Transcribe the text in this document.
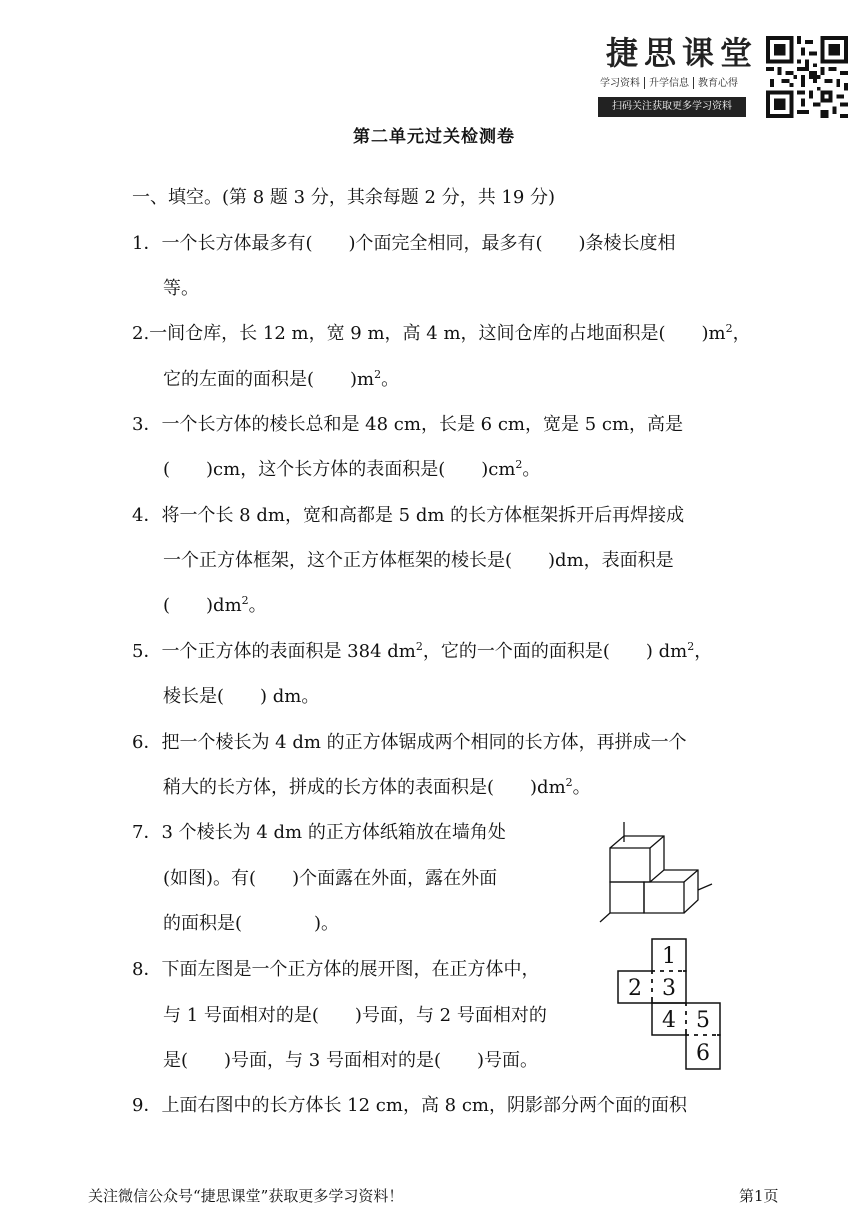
捷思课堂
学习资料 升学信息 教育心得
扫码关注获取更多学习资料
第二单元过关检测卷
一、填空。(第 8 题 3 分，其余每题 2 分，共 19 分)
1．一个长方体最多有(　　)个面完全相同，最多有(　　)条棱长度相
等。
2.一间仓库，长 12 m，宽 9 m，高 4 m，这间仓库的占地面积是(　　)$m^2$，
它的左面的面积是(　　)$m^2$。
3．一个长方体的棱长总和是 48 cm，长是 6 cm，宽是 5 cm，高是
(　　)cm，这个长方体的表面积是(　　)$cm^2$。
4．将一个长 8 dm，宽和高都是 5 dm 的长方体框架拆开后再焊接成
一个正方体框架，这个正方体框架的棱长是(　　)dm，表面积是
(　　)$dm^2$。
5．一个正方体的表面积是 384 $dm^2$，它的一个面的面积是(　　) $dm^2$，
棱长是(　　) dm。
6．把一个棱长为 4 dm 的正方体锯成两个相同的长方体，再拼成一个
稍大的长方体，拼成的长方体的表面积是(　　)$dm^2$。
7．3 个棱长为 4 dm 的正方体纸箱放在墙角处
(如图)。有(　　)个面露在外面，露在外面
的面积是(　　　　)。
8．下面左图是一个正方体的展开图，在正方体中，
与 1 号面相对的是(　　)号面，与 2 号面相对的
是(　　)号面，与 3 号面相对的是(　　)号面。
1
2 3
4 5
6
9．上面右图中的长方体长 12 cm，高 8 cm，阴影部分两个面的面积
关注微信公众号“捷思课堂”获取更多学习资料！	第1页
